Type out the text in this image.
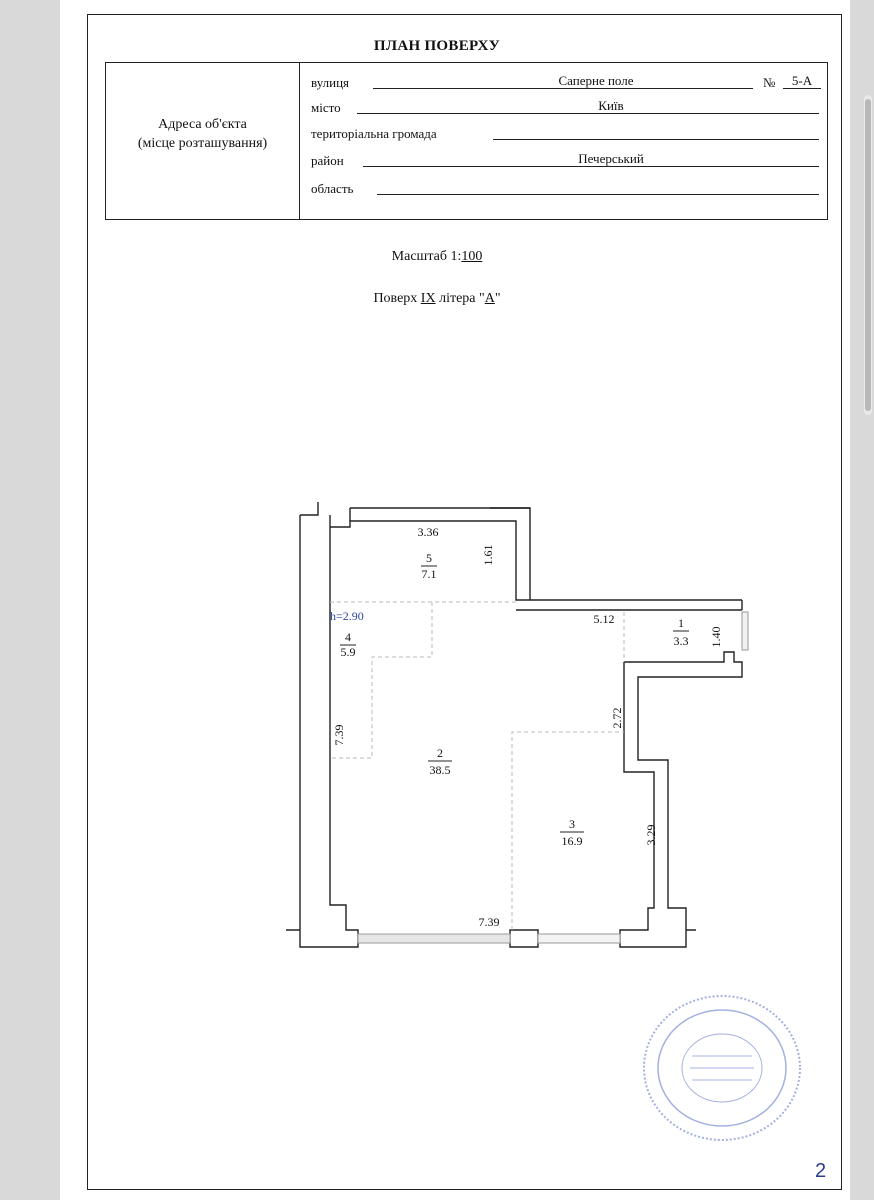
ПЛАН ПОВЕРХУ
Адреса об'єкта
(місце розташування)
вулиця	Саперне поле	№	5-А
місто	Київ
територіальна громада
район	Печерський
область
Масштаб 1:100
Поверх IX літера "А"
5
7.1
4
5.9
2
38.5
3
16.9
1
3.3
h=2.90
3.36
1.61
5.12
1.40
2.72
7.39
3.29
7.39
2
